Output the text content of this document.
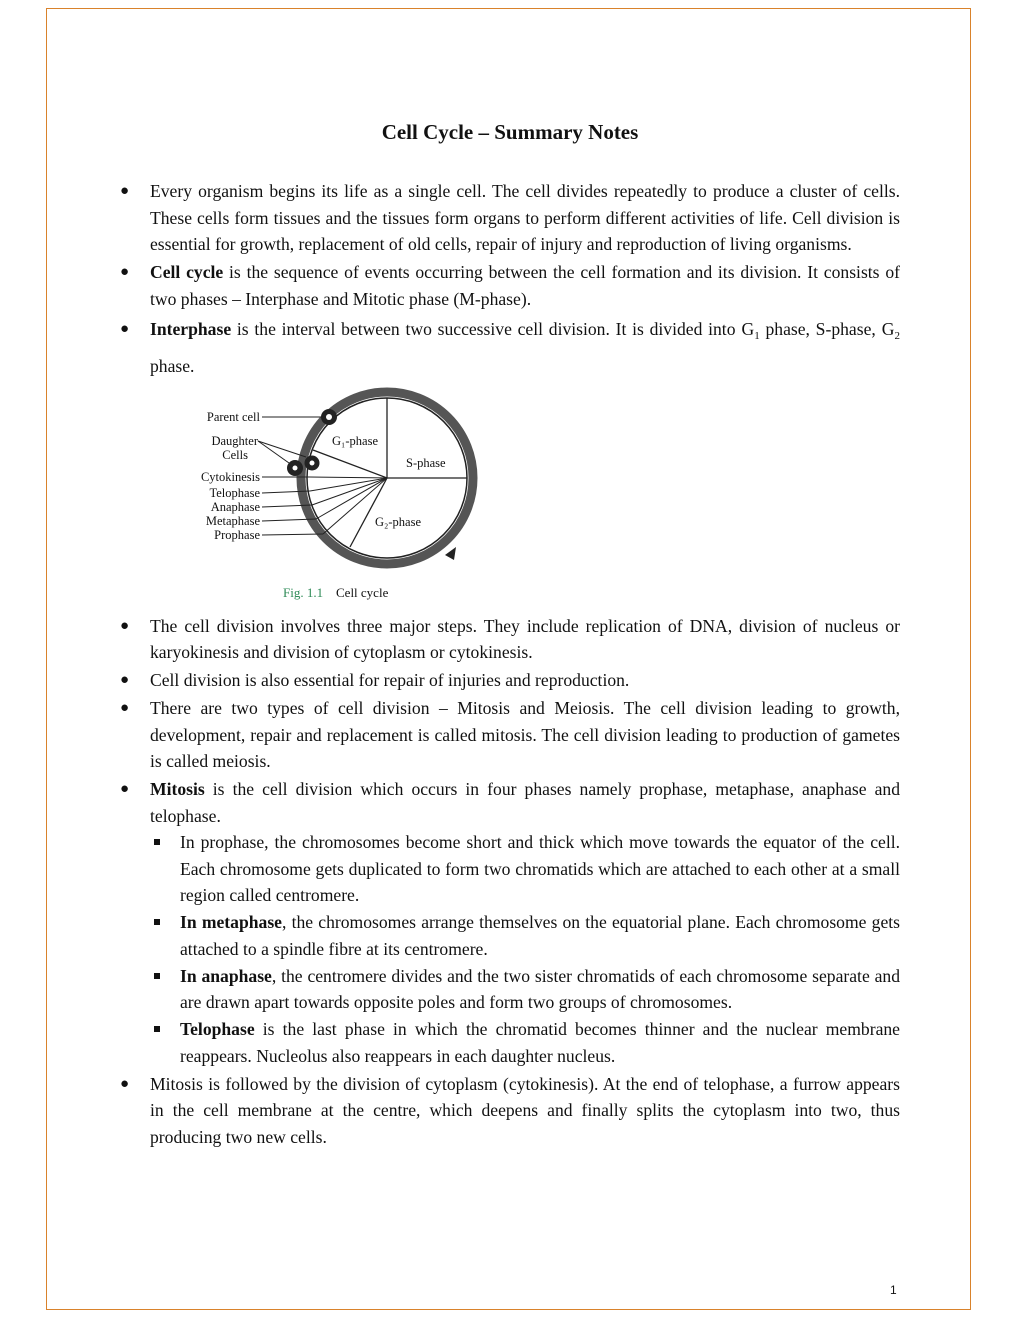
Cell Cycle – Summary Notes
● Every organism begins its life as a single cell. The cell divides repeatedly to produce a cluster of cells. These cells form tissues and the tissues form organs to perform different activities of life. Cell division is essential for growth, replacement of old cells, repair of injury and reproduction of living organisms.
● Cell cycle is the sequence of events occurring between the cell formation and its division. It consists of two phases – Interphase and Mitotic phase (M-phase).
● Interphase is the interval between two successive cell division. It is divided into $G_1$ phase, S-phase, $G_2$ phase.
Parent cell
Daughter
Cells
Cytokinesis
Telophase
Anaphase
Metaphase
Prophase
G₁-phase
S-phase
G₂-phase
Fig. 1.1 Cell cycle
● The cell division involves three major steps. They include replication of DNA, division of nucleus or karyokinesis and division of cytoplasm or cytokinesis.
● Cell division is also essential for repair of injuries and reproduction.
● There are two types of cell division – Mitosis and Meiosis. The cell division leading to growth, development, repair and replacement is called mitosis. The cell division leading to production of gametes is called meiosis.
● Mitosis is the cell division which occurs in four phases namely prophase, metaphase, anaphase and telophase.
In prophase, the chromosomes become short and thick which move towards the equator of the cell. Each chromosome gets duplicated to form two chromatids which are attached to each other at a small region called centromere.
In metaphase, the chromosomes arrange themselves on the equatorial plane. Each chromosome gets attached to a spindle fibre at its centromere.
In anaphase, the centromere divides and the two sister chromatids of each chromosome separate and are drawn apart towards opposite poles and form two groups of chromosomes.
Telophase is the last phase in which the chromatid becomes thinner and the nuclear membrane reappears. Nucleolus also reappears in each daughter nucleus.
● Mitosis is followed by the division of cytoplasm (cytokinesis). At the end of telophase, a furrow appears in the cell membrane at the centre, which deepens and finally splits the cytoplasm into two, thus producing two new cells.
1
